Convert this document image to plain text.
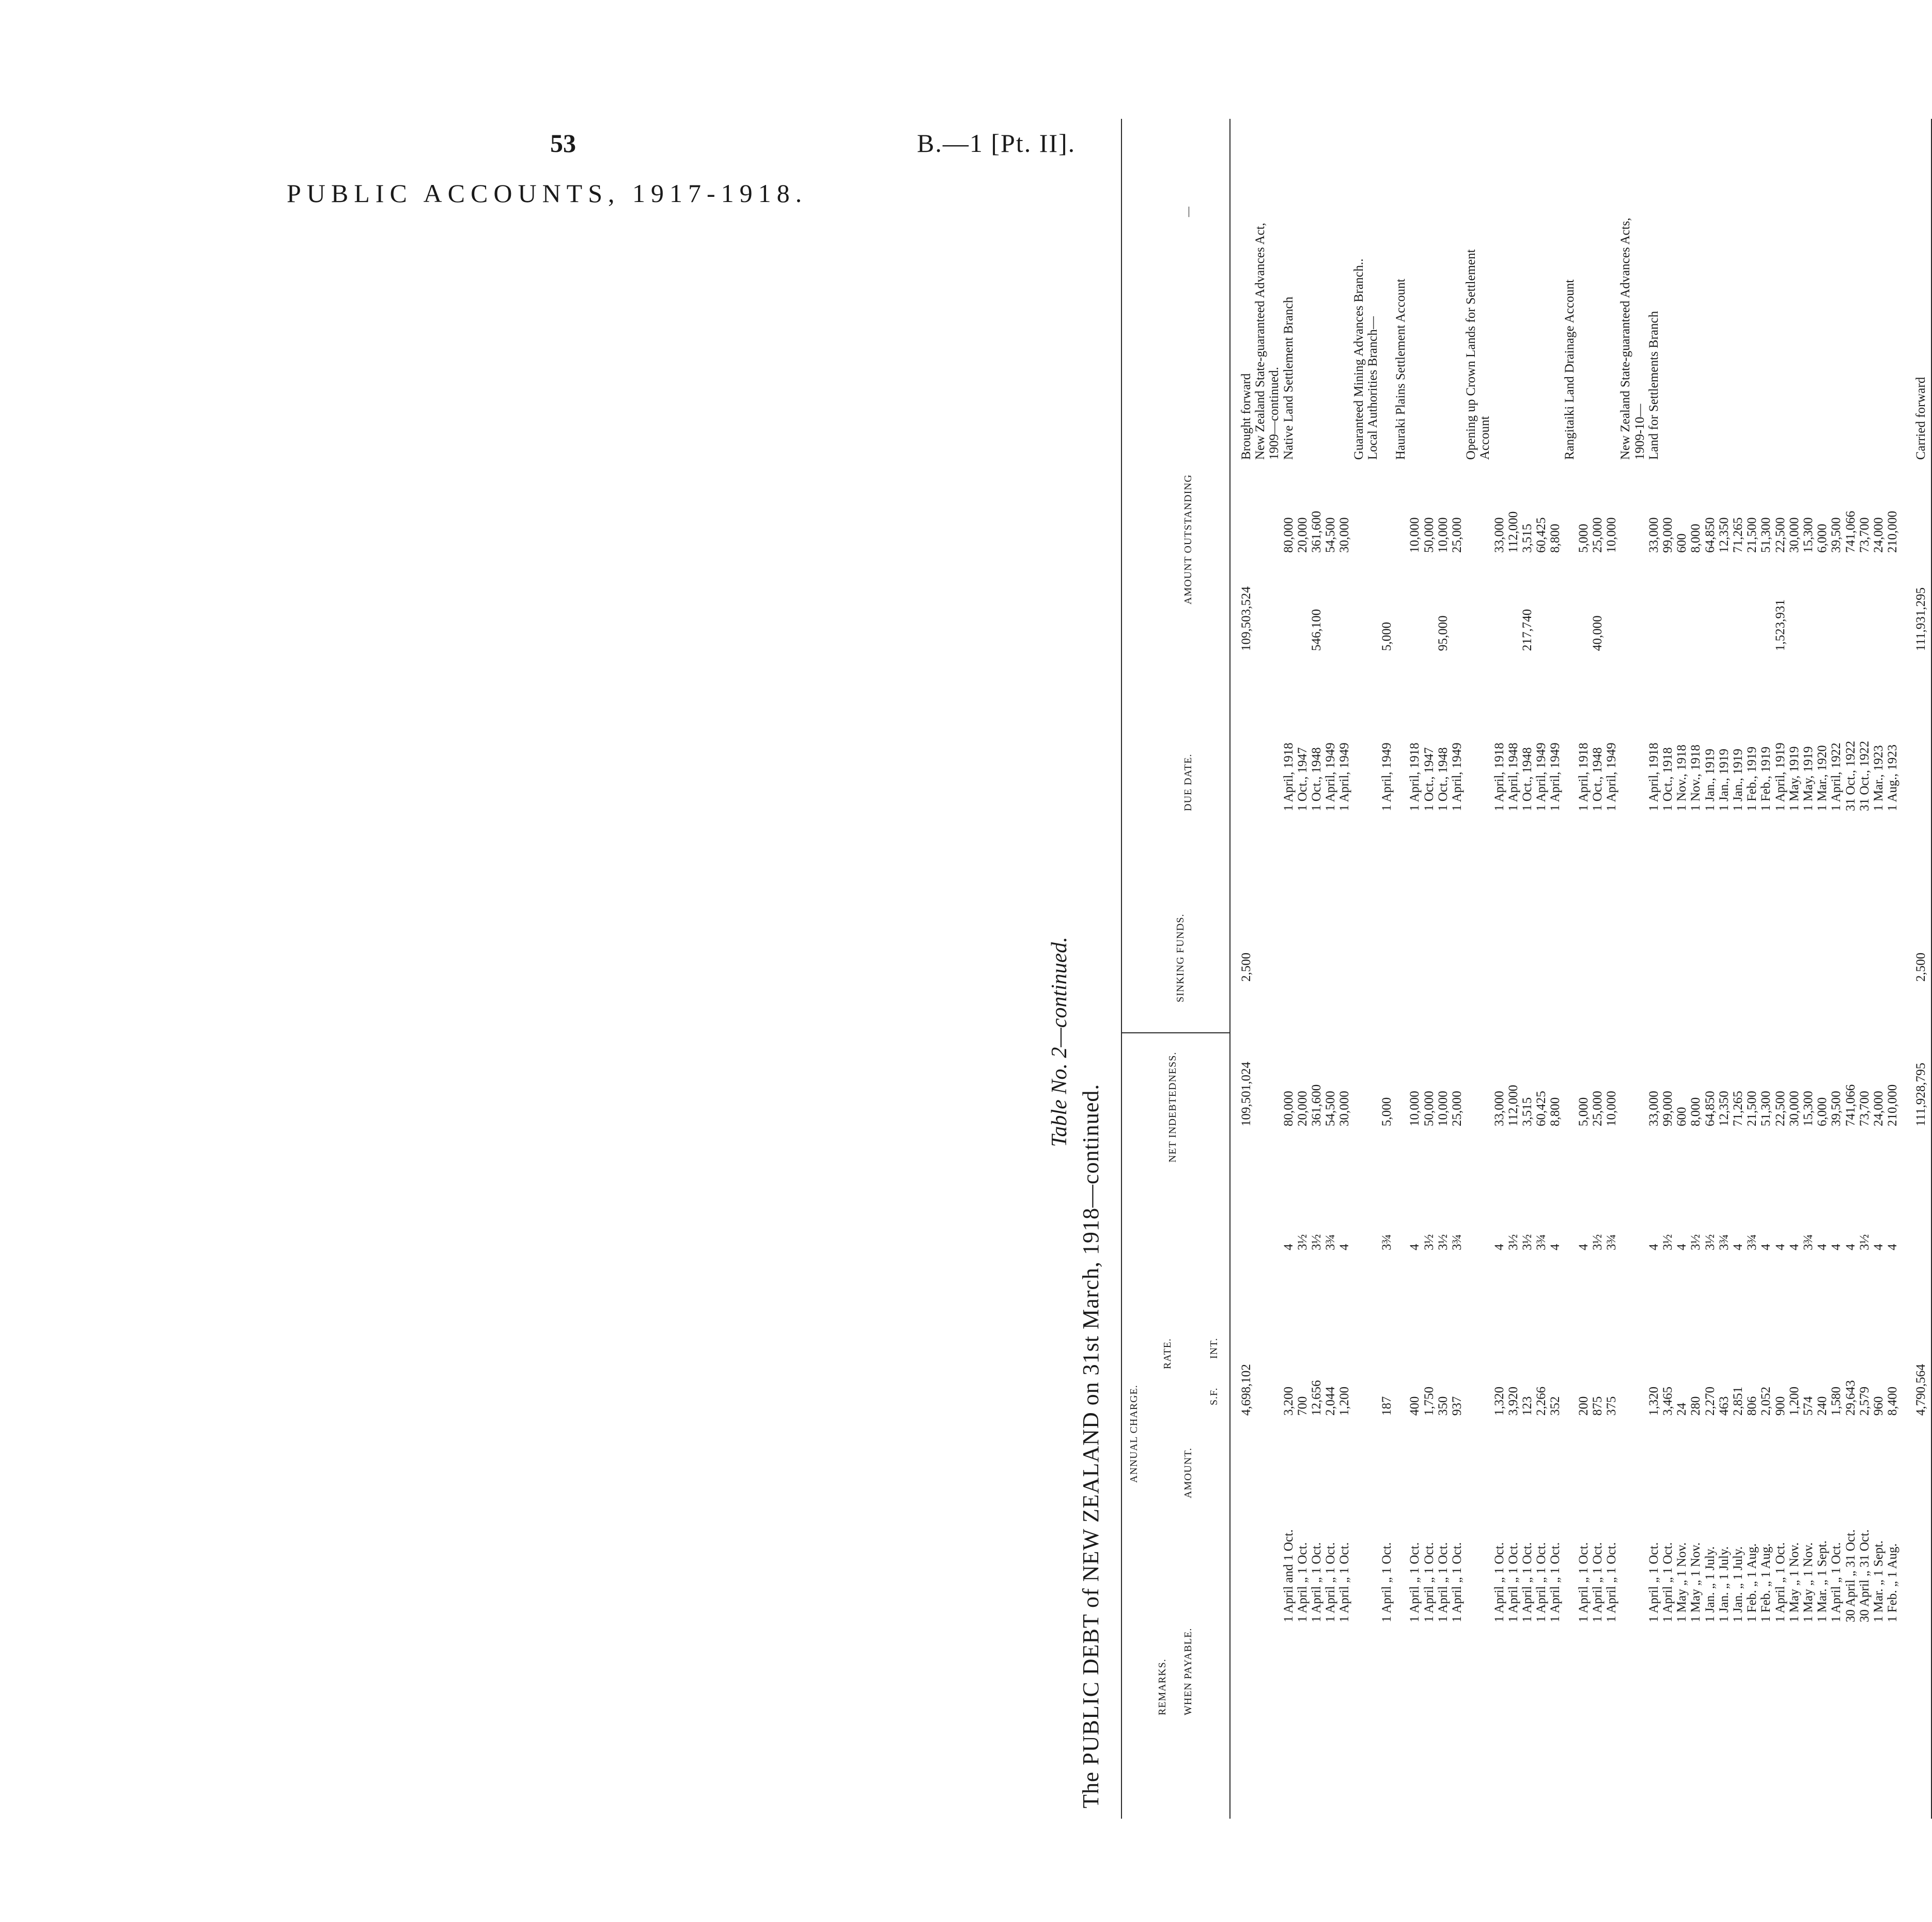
53	B.—1 [Pt. II].
PUBLIC ACCOUNTS, 1917-1918.
Table No. 2—continued.
The PUBLIC DEBT of NEW ZEALAND on 31st March, 1918—continued.
—
AMOUNT OUTSTANDING
DUE DATE.
SINKING FUNDS.
NET INDEBTEDNESS.
ANNUAL CHARGE.
RATE.	INT.
S.F.
AMOUNT.
WHEN PAYABLE.
REMARKS.
Brought forward
109,503,524
2,500
109,501,024
4,698,102
New Zealand State-guaranteed Advances Act, 1909—continued. Native Land Settlement Branch
80,000
1 April, 1918
80,000
4
3,200
1 April and 1 Oct.
20,000
1 Oct., 1947
20,000
3½
700
1 April „ 1 Oct.
361,600
546,100
1 Oct., 1948
361,600
3½
12,656
1 April „ 1 Oct.
54,500
1 April, 1949
54,500
3¾
2,044
1 April „ 1 Oct.
30,000
1 April, 1949
30,000
4
1,200
1 April „ 1 Oct.
Guaranteed Mining Advances Branch.. Local Authorities Branch—
5,000
1 April, 1949
5,000
3¾
187
1 April „ 1 Oct.
Hauraki Plains Settlement Account
10,000
1 April, 1918
10,000
4
400
1 April „ 1 Oct.
50,000
1 Oct., 1947
50,000
3½
1,750
1 April „ 1 Oct.
10,000
95,000
1 Oct., 1948
10,000
3½
350
1 April „ 1 Oct.
25,000
1 April, 1949
25,000
3¾
937
1 April „ 1 Oct.
Opening up Crown Lands for Settlement Account
33,000
1 April, 1918
33,000
4
1,320
1 April „ 1 Oct.
112,000
1 April, 1948
112,000
3½
3,920
1 April „ 1 Oct.
3,515
217,740
1 Oct., 1948
3,515
3½
123
1 April „ 1 Oct.
60,425
1 April, 1949
60,425
3¾
2,266
1 April „ 1 Oct.
8,800
1 April, 1949
8,800
4
352
1 April „ 1 Oct.
Rangitaiki Land Drainage Account
5,000
1 April, 1918
5,000
4
200
1 April „ 1 Oct.
25,000
40,000
1 Oct., 1948
25,000
3½
875
1 April „ 1 Oct.
10,000
1 April, 1949
10,000
3¾
375
1 April „ 1 Oct.
New Zealand State-guaranteed Advances Acts, 1909-10— Land for Settlements Branch
33,000
1 April, 1918
33,000
4
1,320
1 April „ 1 Oct.
99,000
1 Oct., 1918
99,000
3½
3,465
1 April „ 1 Oct.
600
1 Nov., 1918
600
4
24
1 May „ 1 Nov.
8,000
1 Nov., 1918
8,000
3½
280
1 May „ 1 Nov.
64,850
1 Jan., 1919
64,850
3½
2,270
1 Jan. „ 1 July.
12,350
1 Jan., 1919
12,350
3¾
463
1 Jan. „ 1 July.
71,265
1 Jan., 1919
71,265
4
2,851
1 Jan. „ 1 July.
21,500
1 Feb., 1919
21,500
3¾
806
1 Feb. „ 1 Aug.
51,300
1 Feb., 1919
51,300
4
2,052
1 Feb. „ 1 Aug.
22,500
1,523,931
1 April, 1919
22,500
4
900
1 April „ 1 Oct.
30,000
1 May, 1919
30,000
4
1,200
1 May „ 1 Nov.
15,300
1 May, 1919
15,300
3¾
574
1 May „ 1 Nov.
6,000
1 Mar., 1920
6,000
4
240
1 Mar. „ 1 Sept.
39,500
1 April, 1922
39,500
4
1,580
1 April „ 1 Oct.
741,066
31 Oct., 1922
741,066
4
29,643
30 April „ 31 Oct.
73,700
31 Oct., 1922
73,700
3½
2,579
30 April „ 31 Oct.
24,000
1 Mar., 1923
24,000
4
960
1 Mar. „ 1 Sept.
210,000
1 Aug., 1923
210,000
4
8,400
1 Feb. „ 1 Aug.
Carried forward
111,931,295
2,500
111,928,795
4,790,564
